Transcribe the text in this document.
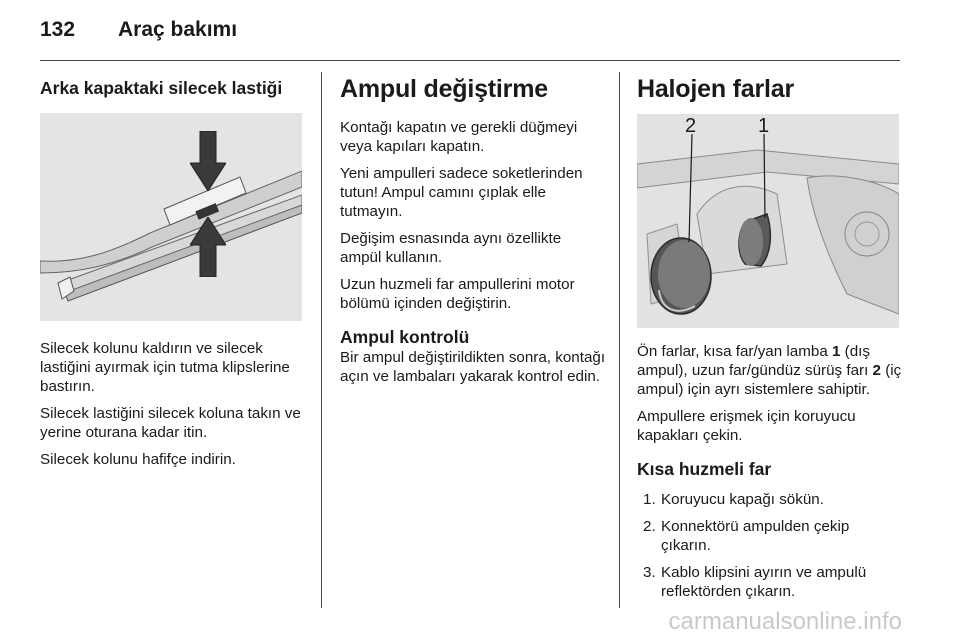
132 Araç bakımı
Arka kapaktaki silecek lastiği

Silecek kolunu kaldırın ve silecek lastiğini ayırmak için tutma klipslerine bastırın.

Silecek lastiğini silecek koluna takın ve yerine oturana kadar itin.

Silecek kolunu hafifçe indirin.

Ampul değiştirme

Kontağı kapatın ve gerekli düğmeyi veya kapıları kapatın.

Yeni ampulleri sadece soketlerinden tutun! Ampul camını çıplak elle tutmayın.

Değişim esnasında aynı özellikte ampül kullanın.

Uzun huzmeli far ampullerini motor bölümü içinden değiştirin.

Ampul kontrolü

Bir ampul değiştirildikten sonra, kontağı açın ve lambaları yakarak kontrol edin.

Halojen farlar
2	1

Ön farlar, kısa far/yan lamba 1 (dış ampul), uzun far/gündüz sürüş farı 2 (iç ampul) için ayrı sistemlere sahiptir.

Ampullere erişmek için koruyucu kapakları çekin.

Kısa huzmeli far
1. Koruyucu kapağı sökün.
2. Konnektörü ampulden çekip çıkarın.
3. Kablo klipsini ayırın ve ampulü reflektörden çıkarın.
carmanualsonline.info
